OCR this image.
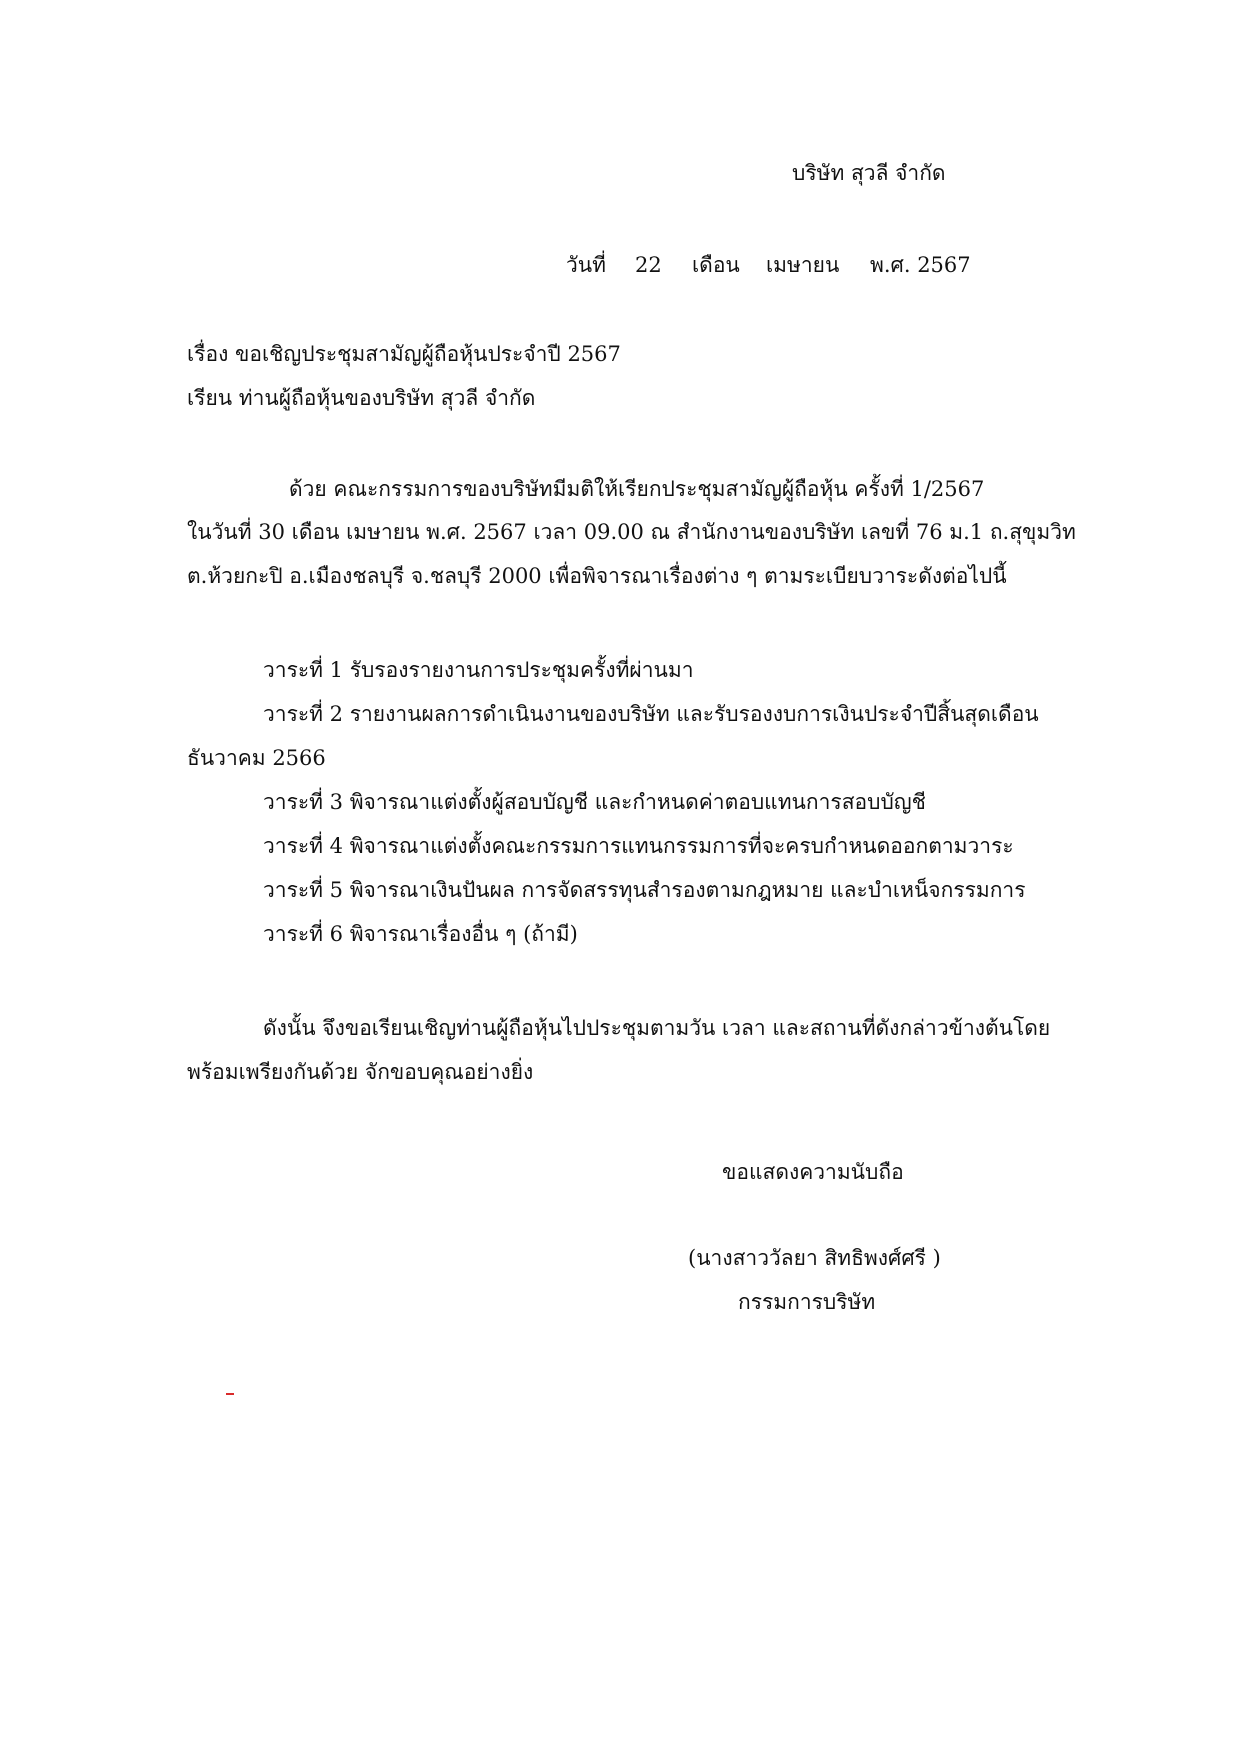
บริษัท สุวลี จำกัด
วันที่ 22 เดือน เมษายน พ.ศ. 2567
เรื่อง ขอเชิญประชุมสามัญผู้ถือหุ้นประจำปี 2567
เรียน ท่านผู้ถือหุ้นของบริษัท สุวลี จำกัด
ด้วย คณะกรรมการของบริษัทมีมติให้เรียกประชุมสามัญผู้ถือหุ้น ครั้งที่ 1/2567
ในวันที่ 30 เดือน เมษายน พ.ศ. 2567 เวลา 09.00 ณ สำนักงานของบริษัท เลขที่ 76 ม.1 ถ.สุขุมวิท
ต.ห้วยกะปิ อ.เมืองชลบุรี จ.ชลบุรี 2000 เพื่อพิจารณาเรื่องต่าง ๆ ตามระเบียบวาระดังต่อไปนี้
วาระที่ 1 รับรองรายงานการประชุมครั้งที่ผ่านมา
วาระที่ 2 รายงานผลการดำเนินงานของบริษัท และรับรองงบการเงินประจำปีสิ้นสุดเดือน
ธันวาคม 2566
วาระที่ 3 พิจารณาแต่งตั้งผู้สอบบัญชี และกำหนดค่าตอบแทนการสอบบัญชี
วาระที่ 4 พิจารณาแต่งตั้งคณะกรรมการแทนกรรมการที่จะครบกำหนดออกตามวาระ
วาระที่ 5 พิจารณาเงินปันผล การจัดสรรทุนสำรองตามกฎหมาย และบำเหน็จกรรมการ
วาระที่ 6 พิจารณาเรื่องอื่น ๆ (ถ้ามี)
ดังนั้น จึงขอเรียนเชิญท่านผู้ถือหุ้นไปประชุมตามวัน เวลา และสถานที่ดังกล่าวข้างต้นโดย
พร้อมเพรียงกันด้วย จักขอบคุณอย่างยิ่ง
ขอแสดงความนับถือ
(นางสาววัลยา สิทธิพงศ์ศรี )
กรรมการบริษัท
